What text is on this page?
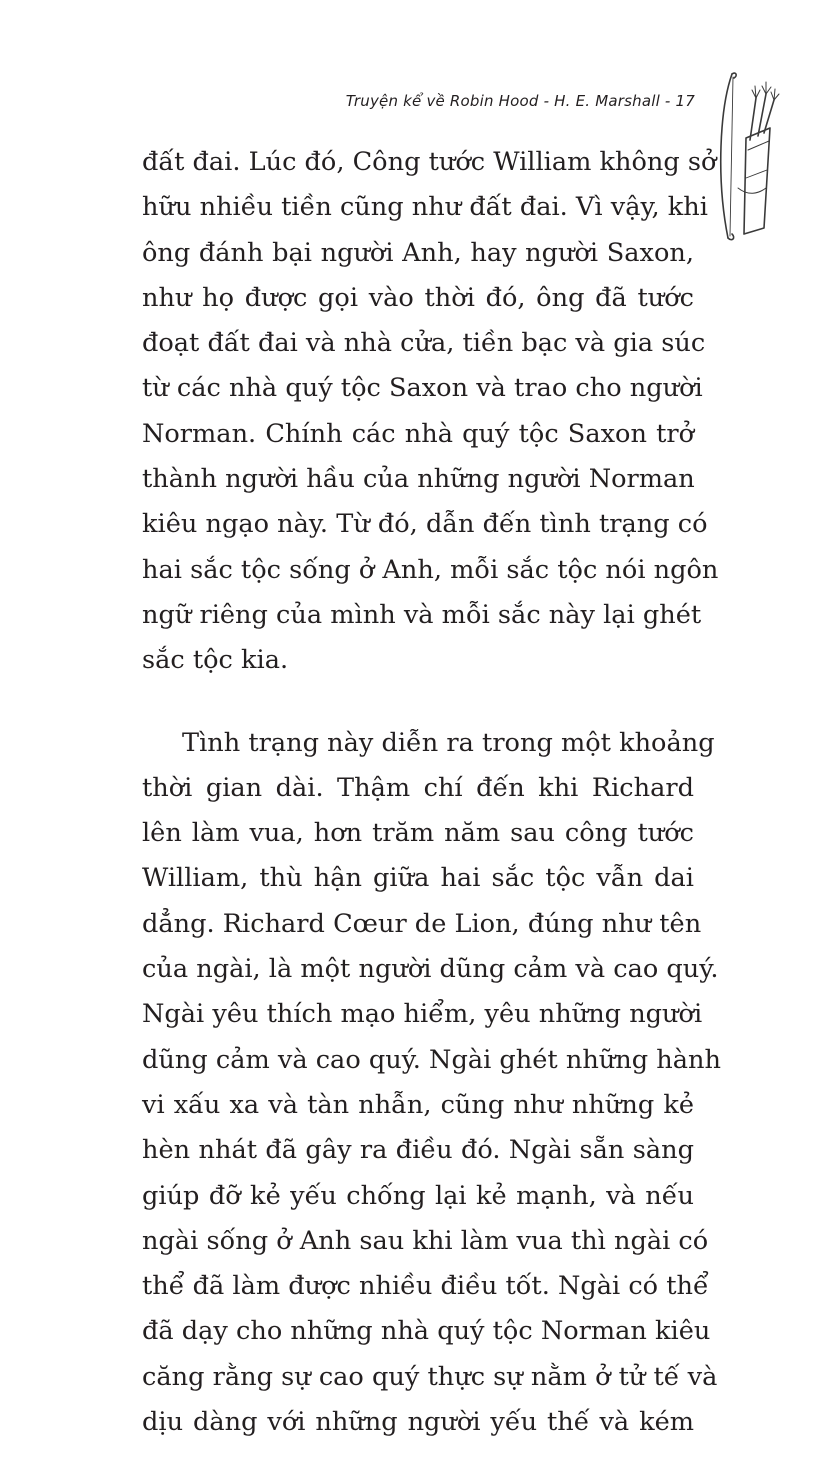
Truyện kể về Robin Hood - H. E. Marshall - 17
đất đai. Lúc đó, Công tước William không sở
hữu nhiều tiền cũng như đất đai. Vì vậy, khi
ông đánh bại người Anh, hay người Saxon,
như họ được gọi vào thời đó, ông đã tước
đoạt đất đai và nhà cửa, tiền bạc và gia súc
từ các nhà quý tộc Saxon và trao cho người
Norman. Chính các nhà quý tộc Saxon trở
thành người hầu của những người Norman
kiêu ngạo này. Từ đó, dẫn đến tình trạng có
hai sắc tộc sống ở Anh, mỗi sắc tộc nói ngôn
ngữ riêng của mình và mỗi sắc này lại ghét
sắc tộc kia.
Tình trạng này diễn ra trong một khoảng
thời gian dài. Thậm chí đến khi Richard
lên làm vua, hơn trăm năm sau công tước
William, thù hận giữa hai sắc tộc vẫn dai
dẳng. Richard Cœur de Lion, đúng như tên
của ngài, là một người dũng cảm và cao quý.
Ngài yêu thích mạo hiểm, yêu những người
dũng cảm và cao quý. Ngài ghét những hành
vi xấu xa và tàn nhẫn, cũng như những kẻ
hèn nhát đã gây ra điều đó. Ngài sẵn sàng
giúp đỡ kẻ yếu chống lại kẻ mạnh, và nếu
ngài sống ở Anh sau khi làm vua thì ngài có
thể đã làm được nhiều điều tốt. Ngài có thể
đã dạy cho những nhà quý tộc Norman kiêu
căng rằng sự cao quý thực sự nằm ở tử tế và
dịu dàng với những người yếu thế và kém
